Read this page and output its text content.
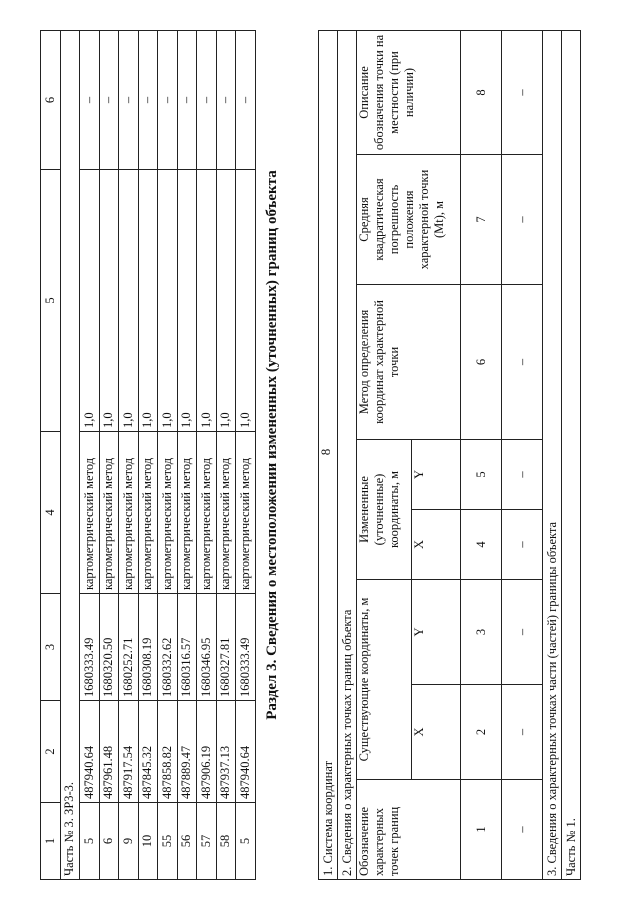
8
1	2	3	4	5	6
Часть № 3. ЗР3-3.					
5	487940.64	1680333.49	картометрический метод	1,0	–
6	487961.48	1680320.50	картометрический метод	1,0	–
9	487917.54	1680252.71	картометрический метод	1,0	–
10	487845.32	1680308.19	картометрический метод	1,0	–
55	487858.82	1680332.62	картометрический метод	1,0	–
56	487889.47	1680316.57	картометрический метод	1,0	–
57	487906.19	1680346.95	картометрический метод	1,0	–
58	487937.13	1680327.81	картометрический метод	1,0	–
5	487940.64	1680333.49	картометрический метод	1,0	–
Раздел 3. Сведения о местоположении измененных (уточненных) границ объекта
1. Система координат							
2. Сведения о характерных точках границ объекта							
Обозначение характерных точек границ	Существующие координаты, м		Измененные (уточненные) координаты, м		Метод определения координат характерной точки	Средняя квадратическая погрешность положения характерной точки (Mt), м	Описание обозначения точки на местности (при наличии)
	X	Y	X	Y			
1	2	3	4	5	6	7	8
–	–	–	–	–	–	–	–
3. Сведения о характерных точках части (частей) границы объекта							
Часть № 1.							
